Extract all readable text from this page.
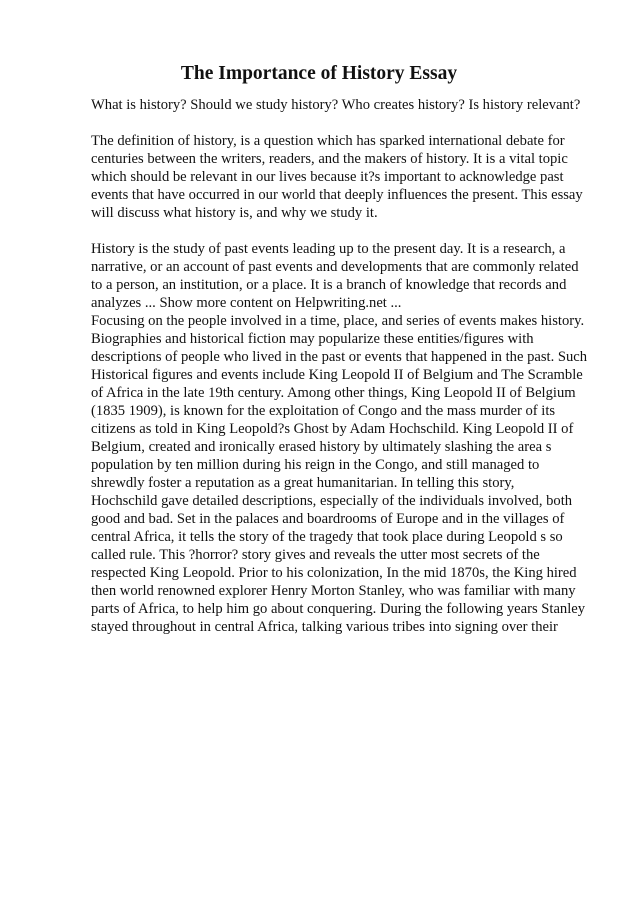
The Importance of History Essay
What is history? Should we study history? Who creates history? Is history relevant?
The definition of history, is a question which has sparked international debate for
centuries between the writers, readers, and the makers of history. It is a vital topic
which should be relevant in our lives because it?s important to acknowledge past
events that have occurred in our world that deeply influences the present. This essay
will discuss what history is, and why we study it.
History is the study of past events leading up to the present day. It is a research, a
narrative, or an account of past events and developments that are commonly related
to a person, an institution, or a place. It is a branch of knowledge that records and
analyzes ... Show more content on Helpwriting.net ...
Focusing on the people involved in a time, place, and series of events makes history.
Biographies and historical fiction may popularize these entities/figures with
descriptions of people who lived in the past or events that happened in the past. Such
Historical figures and events include King Leopold II of Belgium and The Scramble
of Africa in the late 19th century. Among other things, King Leopold II of Belgium
(1835 1909), is known for the exploitation of Congo and the mass murder of its
citizens as told in King Leopold?s Ghost by Adam Hochschild. King Leopold II of
Belgium, created and ironically erased history by ultimately slashing the area s
population by ten million during his reign in the Congo, and still managed to
shrewdly foster a reputation as a great humanitarian. In telling this story,
Hochschild gave detailed descriptions, especially of the individuals involved, both
good and bad. Set in the palaces and boardrooms of Europe and in the villages of
central Africa, it tells the story of the tragedy that took place during Leopold s so
called rule. This ?horror? story gives and reveals the utter most secrets of the
respected King Leopold. Prior to his colonization, In the mid 1870s, the King hired
then world renowned explorer Henry Morton Stanley, who was familiar with many
parts of Africa, to help him go about conquering. During the following years Stanley
stayed throughout in central Africa, talking various tribes into signing over their
